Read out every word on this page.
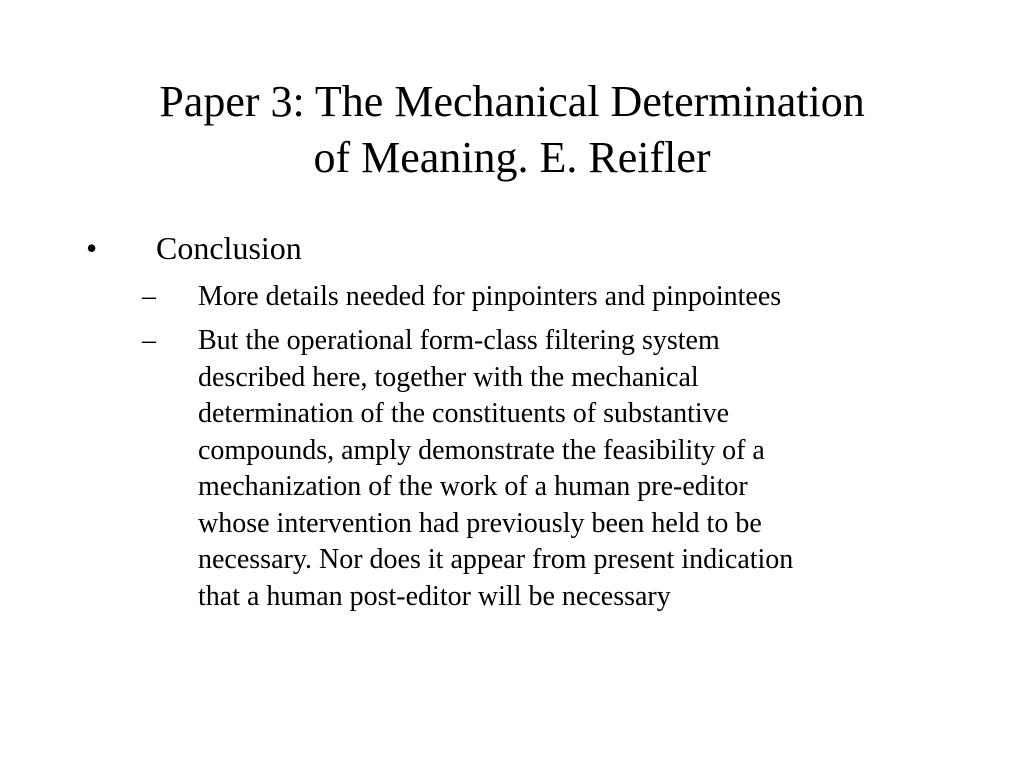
Paper 3: The Mechanical Determination
of Meaning. E. Reifler
• Conclusion
– More details needed for pinpointers and pinpointees
– But the operational form-class filtering system
described here, together with the mechanical
determination of the constituents of substantive
compounds, amply demonstrate the feasibility of a
mechanization of the work of a human pre-editor
whose intervention had previously been held to be
necessary. Nor does it appear from present indication
that a human post-editor will be necessary
